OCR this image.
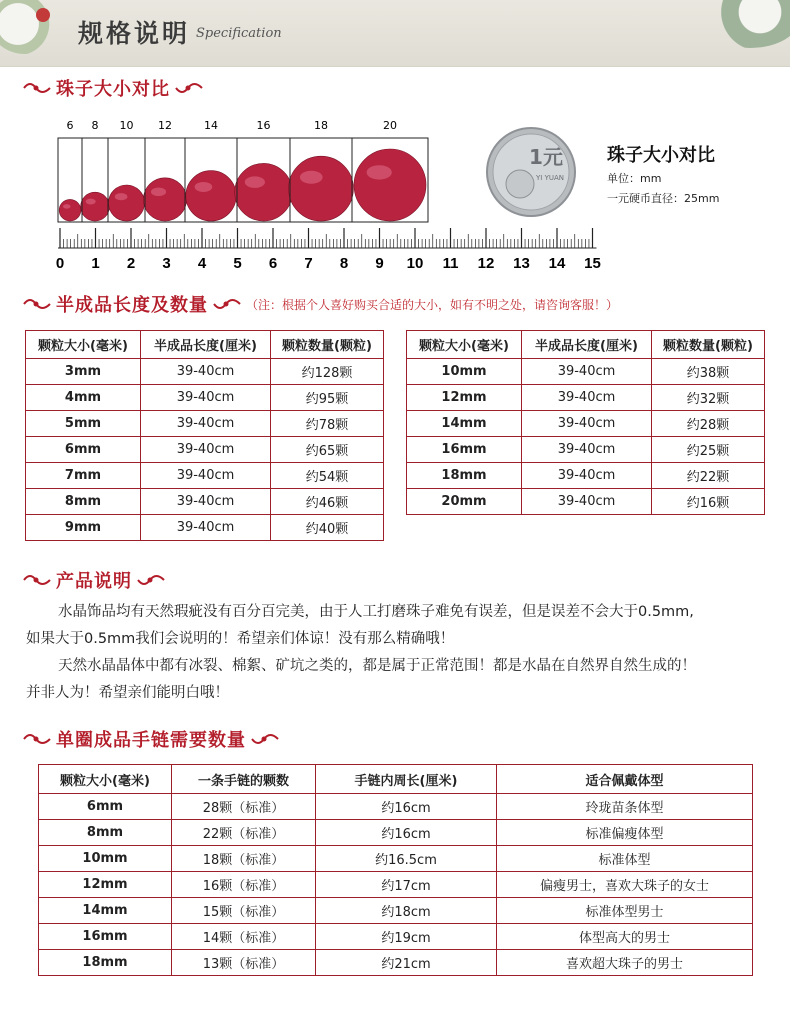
规格说明 Specification
珠子大小对比
6 8 10 12	14	16	18	20
0 1 2 3 4 5 6 7 8 9 10 11 12 13 14 15
1元
YI YUAN
珠子大小对比
单位：mm
一元硬币直径：25mm
半成品长度及数量	（注：根据个人喜好购买合适的大小，如有不明之处，请咨询客服！）
颗粒大小(毫米)	半成品长度(厘米)	颗粒数量(颗粒)
3mm	39-40cm	约128颗
4mm	39-40cm	约95颗
5mm	39-40cm	约78颗
6mm	39-40cm	约65颗
7mm	39-40cm	约54颗
8mm	39-40cm	约46颗
9mm	39-40cm	约40颗
颗粒大小(毫米)	半成品长度(厘米)	颗粒数量(颗粒)
10mm	39-40cm	约38颗
12mm	39-40cm	约32颗
14mm	39-40cm	约28颗
16mm	39-40cm	约25颗
18mm	39-40cm	约22颗
20mm	39-40cm	约16颗
产品说明
水晶饰品均有天然瑕疵没有百分百完美，由于人工打磨珠子难免有误差，但是误差不会大于0.5mm,
如果大于0.5mm我们会说明的！希望亲们体谅！没有那么精确哦！
天然水晶晶体中都有冰裂、棉絮、矿坑之类的，都是属于正常范围！都是水晶在自然界自然生成的！
并非人为！希望亲们能明白哦！
单圈成品手链需要数量
颗粒大小(毫米)	一条手链的颗数	手链内周长(厘米)	适合佩戴体型
6mm	28颗（标准）	约16cm	玲珑苗条体型
8mm	22颗（标准）	约16cm	标准偏瘦体型
10mm	18颗（标准）	约16.5cm	标准体型
12mm	16颗（标准）	约17cm	偏瘦男士，喜欢大珠子的女士
14mm	15颗（标准）	约18cm	标准体型男士
16mm	14颗（标准）	约19cm	体型高大的男士
18mm	13颗（标准）	约21cm	喜欢超大珠子的男士
